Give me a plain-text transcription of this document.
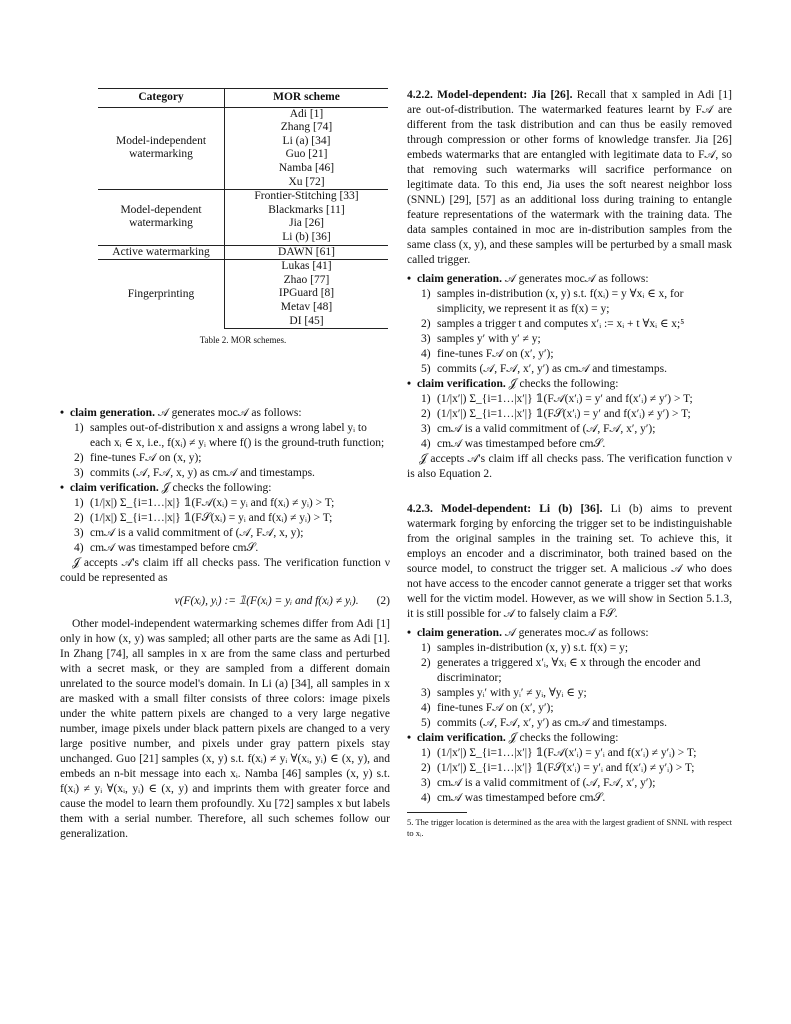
Category	MOR scheme
Model-independent watermarking	Adi [1]
	Zhang [74]
	Li (a) [34]
	Guo [21]
	Namba [46]
	Xu [72]
Model-dependent watermarking	Frontier-Stitching [33]
	Blackmarks [11]
	Jia [26]
	Li (b) [36]
Active watermarking	DAWN [61]
Fingerprinting	Lukas [41]
	Zhao [77]
	IPGuard [8]
	Metav [48]
	DI [45]
Table 2. MOR schemes.
• claim generation. 𝒜 generates moc𝒜 as follows:
1) samples out-of-distribution x and assigns a wrong label yᵢ to each xᵢ ∈ x, i.e., f(xᵢ) ≠ yᵢ where f() is the ground-truth function;
2) fine-tunes F𝒜 on (x, y);
3) commits (𝒜, F𝒜, x, y) as cm𝒜 and timestamps.
• claim verification. 𝒥 checks the following:
1) (1/|x|) Σ_{i=1…|x|} 𝟙(F𝒜(xᵢ) = yᵢ and f(xᵢ) ≠ yᵢ) > T;
2) (1/|x|) Σ_{i=1…|x|} 𝟙(F𝒮(xᵢ) = yᵢ and f(xᵢ) ≠ yᵢ) > T;
3) cm𝒜 is a valid commitment of (𝒜, F𝒜, x, y);
4) cm𝒜 was timestamped before cm𝒮.

𝒥 accepts 𝒜's claim iff all checks pass. The verification function ν could be represented as

ν(F(xᵢ), yᵢ) := 𝟙(F(xᵢ) = yᵢ and f(xᵢ) ≠ yᵢ). (2)

Other model-independent watermarking schemes differ from Adi [1] only in how (x, y) was sampled; all other parts are the same as Adi [1]. In Zhang [74], all samples in x are from the same class and perturbed with a secret mask, or they are sampled from a different domain unrelated to the source model's domain. In Li (a) [34], all samples in x are masked with a small filter consists of three colors: image pixels under the white pattern pixels are changed to a very large negative number, image pixels under black pattern pixels are changed to a very large positive number, and pixels under gray pattern pixels stay unchanged. Guo [21] samples (x, y) s.t. f(xᵢ) ≠ yᵢ ∀(xᵢ, yᵢ) ∈ (x, y), and embeds an n-bit message into each xᵢ. Namba [46] samples (x, y) s.t. f(xᵢ) ≠ yᵢ ∀(xᵢ, yᵢ) ∈ (x, y) and imprints them with greater force and cause the model to learn them profoundly. Xu [72] samples x but labels them with a serial number. Therefore, all such schemes follow our generalization.

4.2.2. Model-dependent: Jia [26]. Recall that x sampled in Adi [1] are out-of-distribution. The watermarked features learnt by F𝒜 are different from the task distribution and can thus be easily removed through compression or other forms of knowledge transfer. Jia [26] embeds watermarks that are entangled with legitimate data to F𝒜, so that removing such watermarks will sacrifice performance on legitimate data. To this end, Jia uses the soft nearest neighbor loss (SNNL) [29], [57] as an additional loss during training to entangle feature representations of the watermark with the training data. The data samples contained in moc are in-distribution samples from the same class (x, y), and these samples will be perturbed by a small mask called trigger.

• claim generation. 𝒜 generates moc𝒜 as follows:
1) samples in-distribution (x, y) s.t. f(xᵢ) = y ∀xᵢ ∈ x, for simplicity, we represent it as f(x) = y;
2) samples a trigger t and computes x′ᵢ := xᵢ + t ∀xᵢ ∈ x;⁵
3) samples y′ with y′ ≠ y;
4) fine-tunes F𝒜 on (x′, y′);
5) commits (𝒜, F𝒜, x′, y′) as cm𝒜 and timestamps.
• claim verification. 𝒥 checks the following:
1) (1/|x′|) Σ_{i=1…|x′|} 𝟙(F𝒜(x′ᵢ) = y′ and f(x′ᵢ) ≠ y′) > T;
2) (1/|x′|) Σ_{i=1…|x′|} 𝟙(F𝒮(x′ᵢ) = y′ and f(x′ᵢ) ≠ y′) > T;
3) cm𝒜 is a valid commitment of (𝒜, F𝒜, x′, y′);
4) cm𝒜 was timestamped before cm𝒮.

𝒥 accepts 𝒜's claim iff all checks pass. The verification function ν is also Equation 2.

4.2.3. Model-dependent: Li (b) [36]. Li (b) aims to prevent watermark forging by enforcing the trigger set to be indistinguishable from the original samples in the training set. To achieve this, it employs an encoder and a discriminator, both trained based on the source model, to construct the trigger set. A malicious 𝒜 who does not have access to the encoder cannot generate a trigger set that works well for the victim model. However, as we will show in Section 5.1.3, it is still possible for 𝒜 to falsely claim a F𝒮.

• claim generation. 𝒜 generates moc𝒜 as follows:
1) samples in-distribution (x, y) s.t. f(x) = y;
2) generates a triggered x′ᵢ, ∀xᵢ ∈ x through the encoder and discriminator;
3) samples yᵢ′ with yᵢ′ ≠ yᵢ, ∀yᵢ ∈ y;
4) fine-tunes F𝒜 on (x′, y′);
5) commits (𝒜, F𝒜, x′, y′) as cm𝒜 and timestamps.
• claim verification. 𝒥 checks the following:
1) (1/|x′|) Σ_{i=1…|x′|} 𝟙(F𝒜(x′ᵢ) = y′ᵢ and f(x′ᵢ) ≠ y′ᵢ) > T;
2) (1/|x′|) Σ_{i=1…|x′|} 𝟙(F𝒮(x′ᵢ) = y′ᵢ and f(x′ᵢ) ≠ y′ᵢ) > T;
3) cm𝒜 is a valid commitment of (𝒜, F𝒜, x′, y′);
4) cm𝒜 was timestamped before cm𝒮.

5. The trigger location is determined as the area with the largest gradient of SNNL with respect to xᵢ.
